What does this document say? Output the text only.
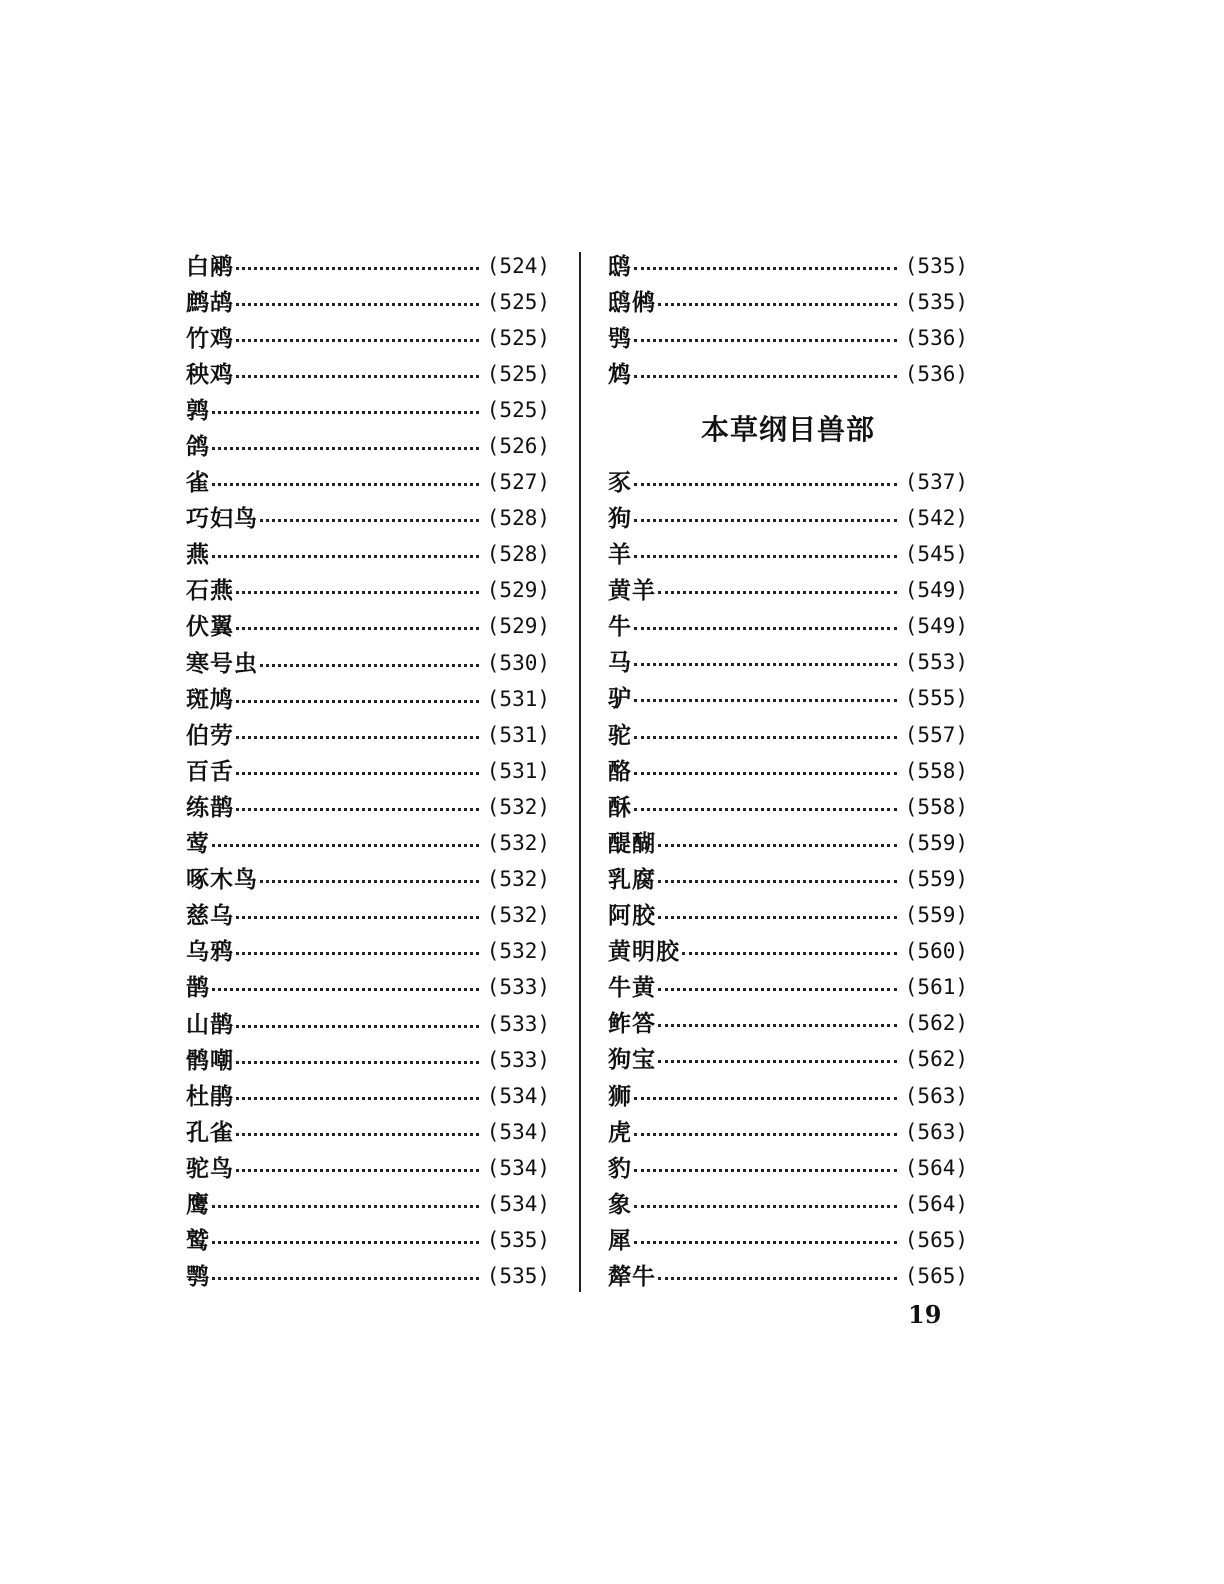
白鹇	(524)
鹧鸪	(525)
竹鸡	(525)
秧鸡	(525)
鹑	(525)
鸽	(526)
雀	(527)
巧妇鸟	(528)
燕	(528)
石燕	(529)
伏翼	(529)
寒号虫	(530)
斑鸠	(531)
伯劳	(531)
百舌	(531)
练鹊	(532)
莺	(532)
啄木鸟	(532)
慈乌	(532)
乌鸦	(532)
鹊	(533)
山鹊	(533)
鹘嘲	(533)
杜鹃	(534)
孔雀	(534)
驼鸟	(534)
鹰	(534)
鹫	(535)
鹗	(535)
鸱	(535)
鸱鸺	(535)
鸮	(536)
鸩	(536)
本草纲目兽部
豕	(537)
狗	(542)
羊	(545)
黄羊	(549)
牛	(549)
马	(553)
驴	(555)
驼	(557)
酪	(558)
酥	(558)
醍醐	(559)
乳腐	(559)
阿胶	(559)
黄明胶	(560)
牛黄	(561)
鲊答	(562)
狗宝	(562)
狮	(563)
虎	(563)
豹	(564)
象	(564)
犀	(565)
犛牛	(565)
19
